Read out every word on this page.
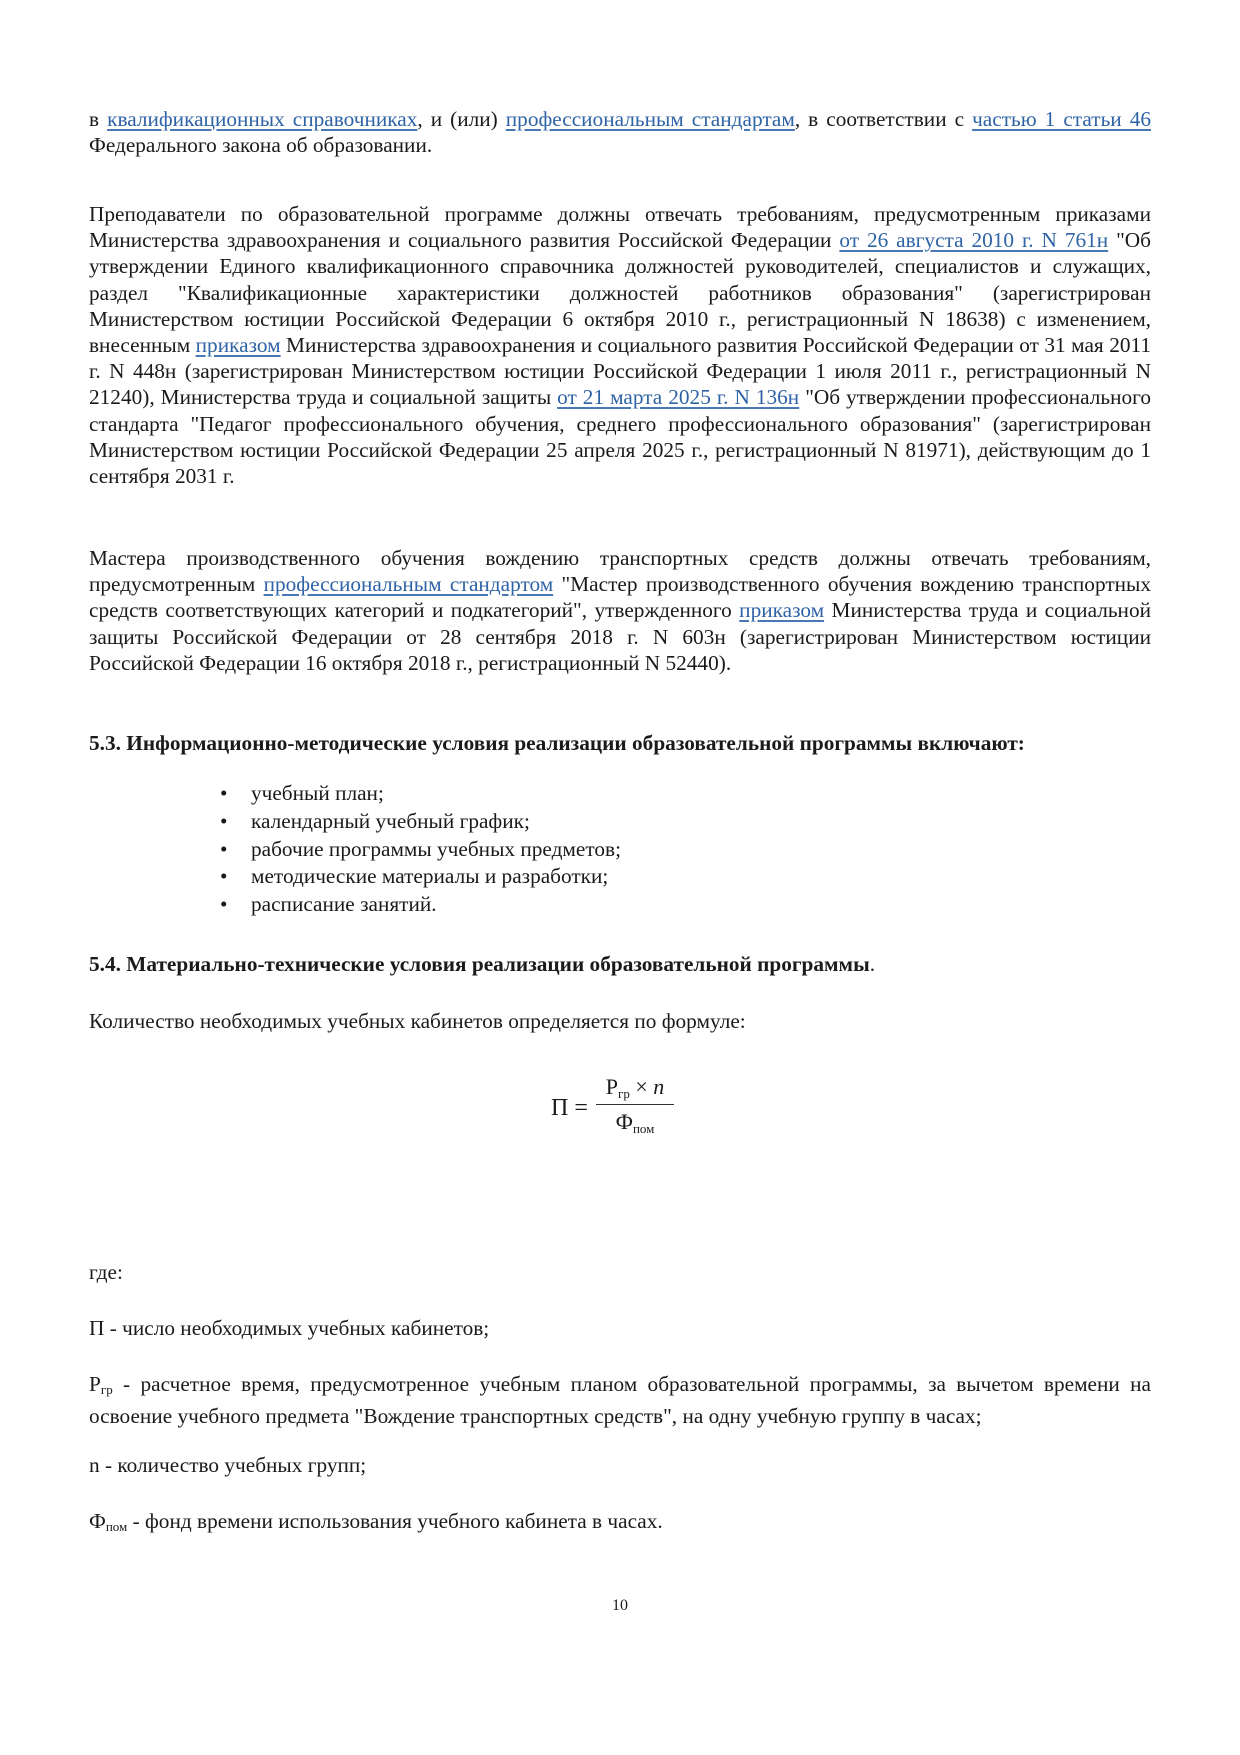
в квалификационных справочниках, и (или) профессиональным стандартам, в соответствии с частью 1 статьи 46 Федерального закона об образовании.

Преподаватели по образовательной программе должны отвечать требованиям, предусмотренным приказами Министерства здравоохранения и социального развития Российской Федерации от 26 августа 2010 г. N 761н "Об утверждении Единого квалификационного справочника должностей руководителей, специалистов и служащих, раздел "Квалификационные характеристики должностей работников образования" (зарегистрирован Министерством юстиции Российской Федерации 6 октября 2010 г., регистрационный N 18638) с изменением, внесенным приказом Министерства здравоохранения и социального развития Российской Федерации от 31 мая 2011 г. N 448н (зарегистрирован Министерством юстиции Российской Федерации 1 июля 2011 г., регистрационный N 21240), Министерства труда и социальной защиты от 21 марта 2025 г. N 136н "Об утверждении профессионального стандарта "Педагог профессионального обучения, среднего профессионального образования" (зарегистрирован Министерством юстиции Российской Федерации 25 апреля 2025 г., регистрационный N 81971), действующим до 1 сентября 2031 г.

Мастера производственного обучения вождению транспортных средств должны отвечать требованиям, предусмотренным профессиональным стандартом "Мастер производственного обучения вождению транспортных средств соответствующих категорий и подкатегорий", утвержденного приказом Министерства труда и социальной защиты Российской Федерации от 28 сентября 2018 г. N 603н (зарегистрирован Министерством юстиции Российской Федерации 16 октября 2018 г., регистрационный N 52440).

5.3. Информационно-методические условия реализации образовательной программы включают:

• учебный план;
• календарный учебный график;
• рабочие программы учебных предметов;
• методические материалы и разработки;
• расписание занятий.

5.4. Материально-технические условия реализации образовательной программы.

Количество необходимых учебных кабинетов определяется по формуле:

П =
$Р_{гр} \times n$
$Ф_{пом}$

где:

П - число необходимых учебных кабинетов;

$Р_{гр}$ - расчетное время, предусмотренное учебным планом образовательной программы, за вычетом времени на освоение учебного предмета "Вождение транспортных средств", на одну учебную группу в часах;

n - количество учебных групп;

$Ф_{пом}$ - фонд времени использования учебного кабинета в часах.

10
